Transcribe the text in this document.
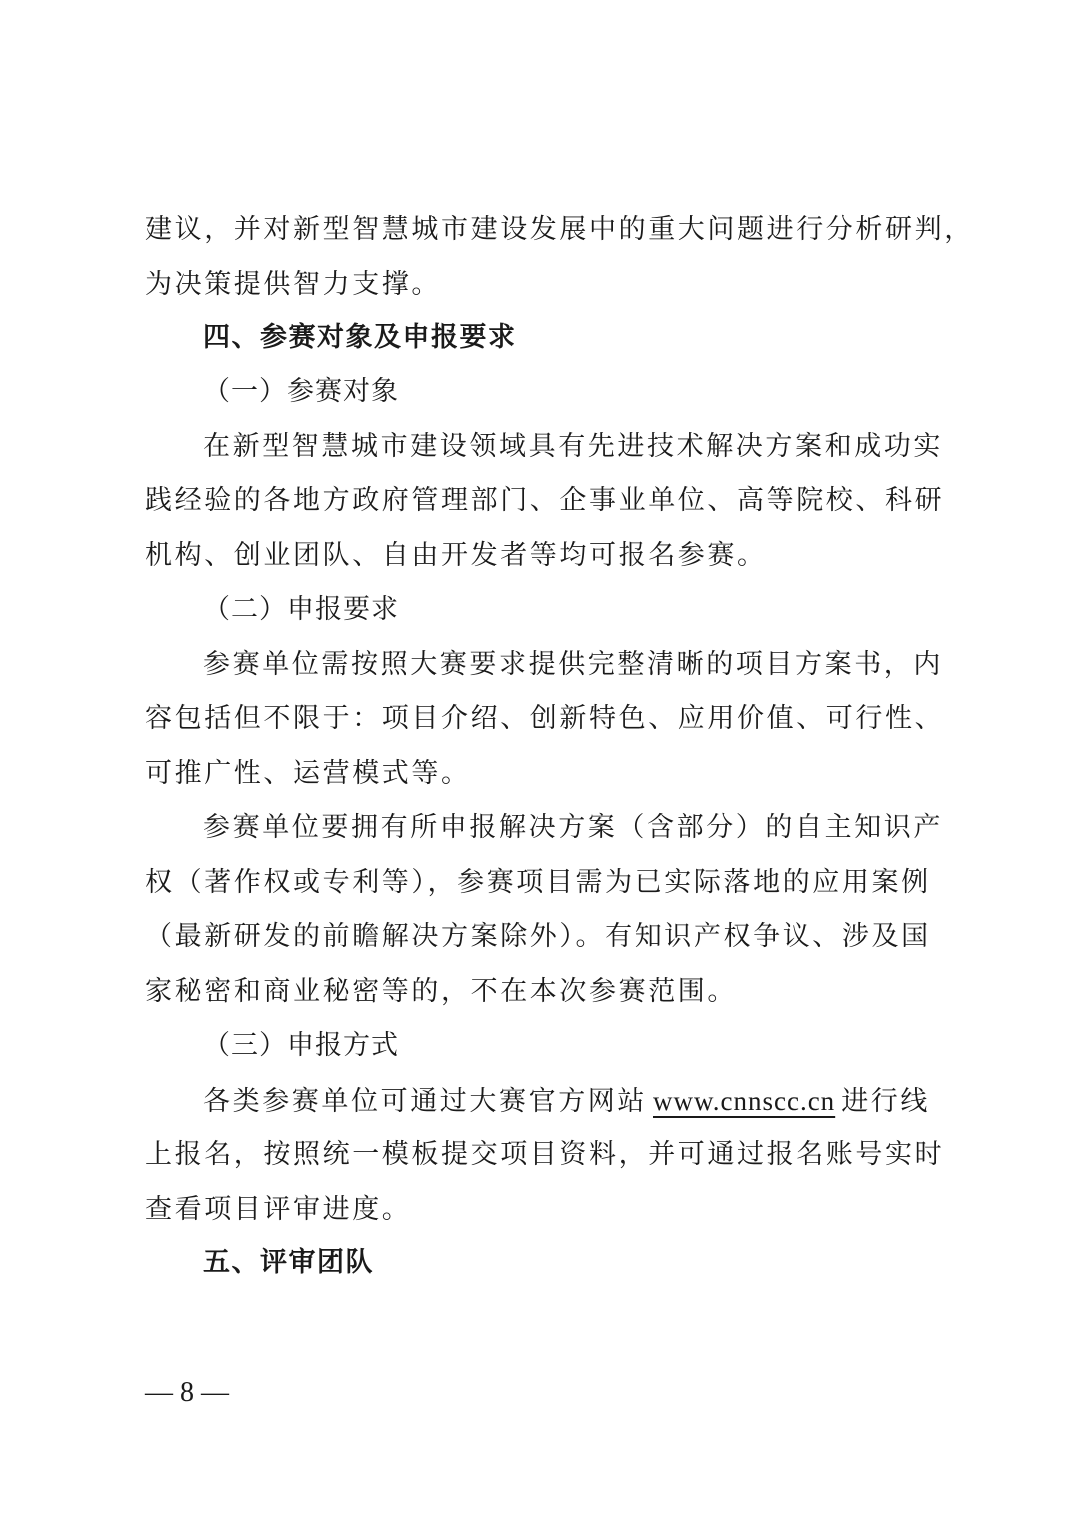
建议，并对新型智慧城市建设发展中的重大问题进行分析研判，
为决策提供智力支撑。
四、参赛对象及申报要求
（一）参赛对象
在新型智慧城市建设领域具有先进技术解决方案和成功实
践经验的各地方政府管理部门、企事业单位、高等院校、科研
机构、创业团队、自由开发者等均可报名参赛。
（二）申报要求
参赛单位需按照大赛要求提供完整清晰的项目方案书，内
容包括但不限于：项目介绍、创新特色、应用价值、可行性、
可推广性、运营模式等。
参赛单位要拥有所申报解决方案（含部分）的自主知识产
权（著作权或专利等），参赛项目需为已实际落地的应用案例
（最新研发的前瞻解决方案除外）。有知识产权争议、涉及国
家秘密和商业秘密等的，不在本次参赛范围。
（三）申报方式
各类参赛单位可通过大赛官方网站 www.cnnscc.cn 进行线
上报名，按照统一模板提交项目资料，并可通过报名账号实时
查看项目评审进度。
五、评审团队
— 8 —
